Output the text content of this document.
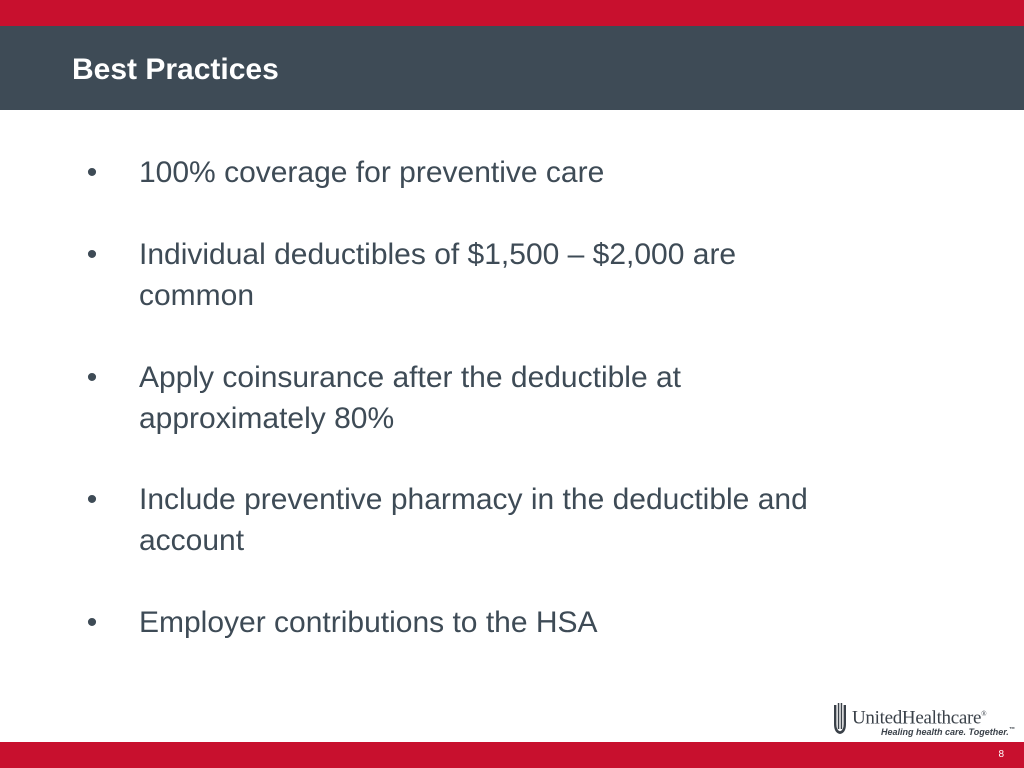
Best Practices
• 100% coverage for preventive care
• Individual deductibles of $1,500 – $2,000 are common
• Apply coinsurance after the deductible at approximately 80%
• Include preventive pharmacy in the deductible and account
• Employer contributions to the HSA
UnitedHealthcare®
Healing health care. Together.™
8
